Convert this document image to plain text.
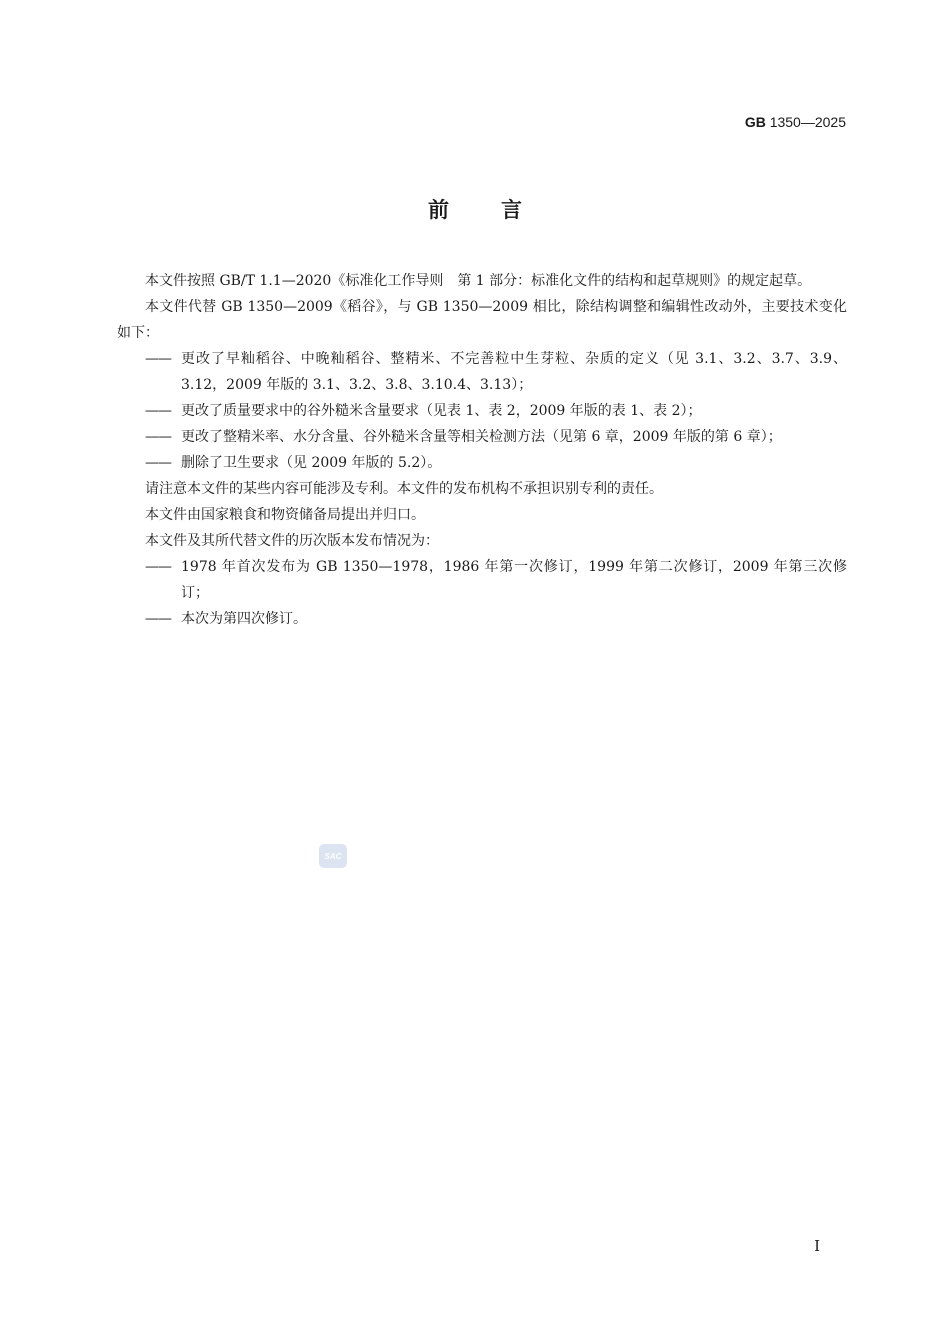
GB 1350—2025
前言

本文件按照 GB/T 1.1—2020《标准化工作导则　第 1 部分：标准化文件的结构和起草规则》的规定起草。

本文件代替 GB 1350—2009《稻谷》，与 GB 1350—2009 相比，除结构调整和编辑性改动外，主要技术变化如下：

—— 更改了早籼稻谷、中晚籼稻谷、整精米、不完善粒中生芽粒、杂质的定义（见 3.1、3.2、3.7、3.9、3.12，2009 年版的 3.1、3.2、3.8、3.10.4、3.13）；

—— 更改了质量要求中的谷外糙米含量要求（见表 1、表 2，2009 年版的表 1、表 2）；

—— 更改了整精米率、水分含量、谷外糙米含量等相关检测方法（见第 6 章，2009 年版的第 6 章）；

—— 删除了卫生要求（见 2009 年版的 5.2）。

请注意本文件的某些内容可能涉及专利。本文件的发布机构不承担识别专利的责任。

本文件由国家粮食和物资储备局提出并归口。

本文件及其所代替文件的历次版本发布情况为：

—— 1978 年首次发布为 GB 1350—1978，1986 年第一次修订，1999 年第二次修订，2009 年第三次修订；

—— 本次为第四次修订。

SAC
I
